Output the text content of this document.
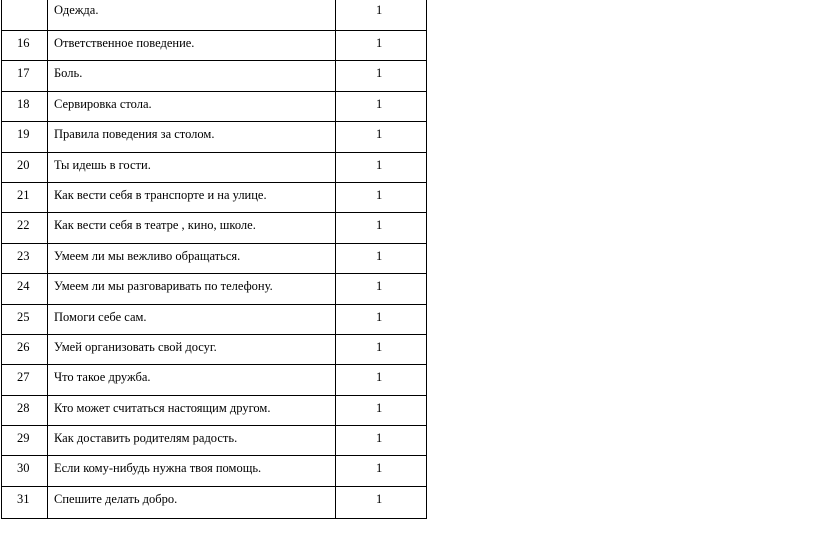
	Одежда.	1

16	Ответственное поведение.	1

17	Боль.	1

18	Сервировка стола.	1

19	Правила поведения за столом.	1

20	Ты идешь в гости.	1

21	Как вести себя в транспорте и на улице.	1

22	Как вести себя в театре , кино, школе.	1

23	Умеем ли мы вежливо обращаться.	1

24	Умеем ли мы разговаривать по телефону.	1

25	Помоги себе сам.	1

26	Умей организовать свой досуг.	1

27	Что такое дружба.	1

28	Кто может считаться настоящим другом.	1

29	Как доставить родителям радость.	1

30	Если кому-нибудь нужна твоя помощь.	1

31	Спешите делать добро.	1
